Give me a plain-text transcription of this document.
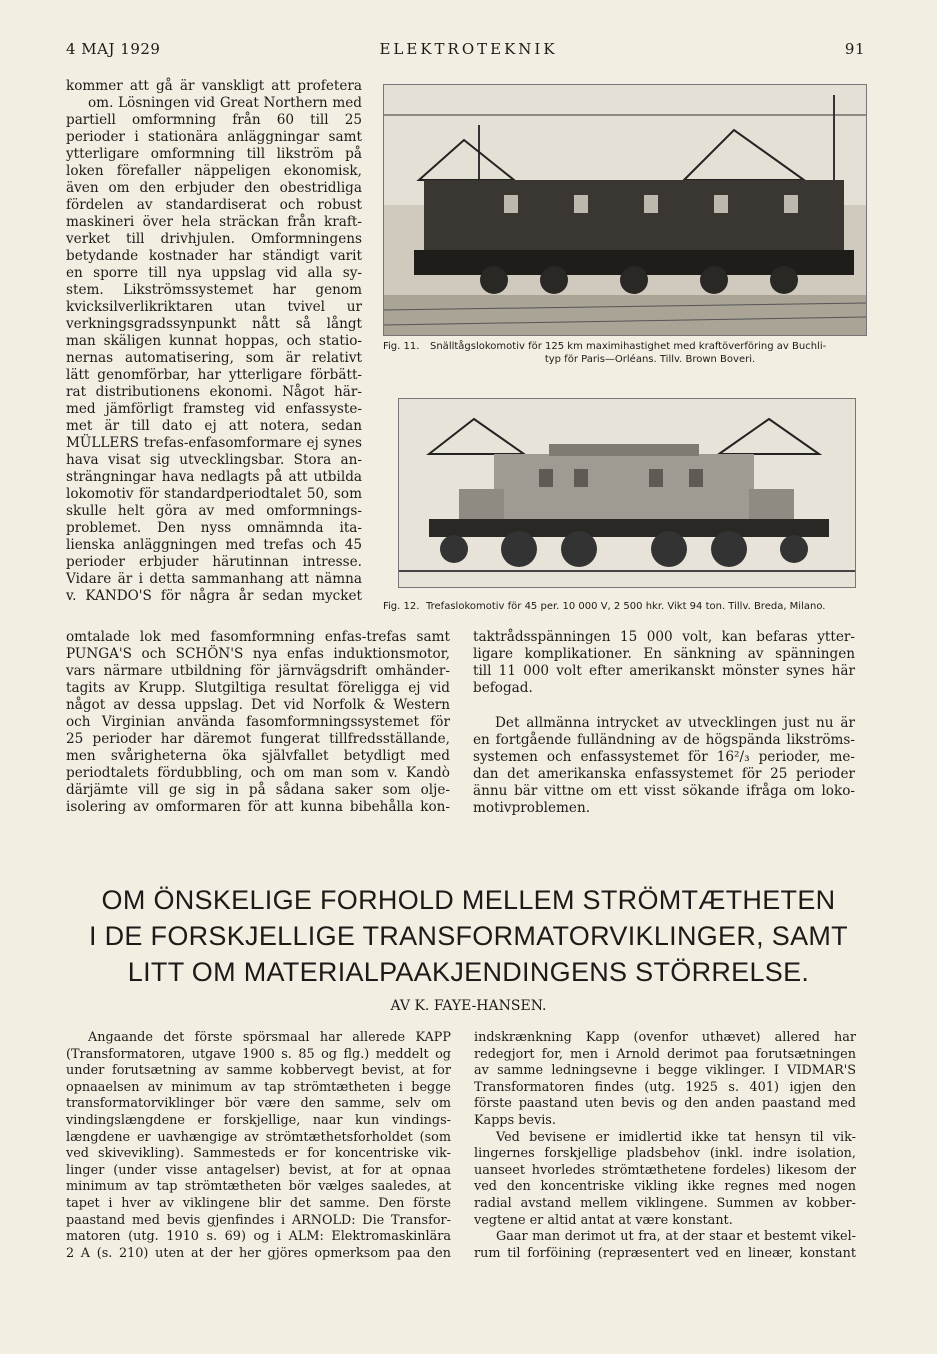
4 MAJ 1929	ELEKTROTEKNIK	91
kommer att gå är vanskligt att profetera
om. Lösningen vid Great Northern med
partiell omformning från 60 till 25
perioder i stationära anläggningar samt
ytterligare omformning till likström på
loken förefaller näppeligen ekonomisk,
även om den erbjuder den obestridliga
fördelen av standardiserat och robust
maskineri över hela sträckan från kraft-
verket till drivhjulen. Omformningens
betydande kostnader har ständigt varit
en sporre till nya uppslag vid alla sy-
stem. Likströmssystemet har genom
kvicksilverlikriktaren utan tvivel ur
verkningsgradssynpunkt nått så långt
man skäligen kunnat hoppas, och statio-
nernas automatisering, som är relativt
lätt genomförbar, har ytterligare förbätt-
rat distributionens ekonomi. Något här-
med jämförligt framsteg vid enfassyste-
met är till dato ej att notera, sedan
MÜLLERS trefas-enfasomformare ej synes
hava visat sig utvecklingsbar. Stora an-
strängningar hava nedlagts på att utbilda
lokomotiv för standardperiodtalet 50, som
skulle helt göra av med omformnings-
problemet. Den nyss omnämnda ita-
lienska anläggningen med trefas och 45
perioder erbjuder härutinnan intresse.
Vidare är i detta sammanhang att nämna
v. KANDO'S för några år sedan mycket
Fig. 11.	Snälltågslokomotiv för 125 km maximihastighet med kraftöverföring av Buchli-
typ för Paris—Orléans. Tillv. Brown Boveri.
Fig. 12. Trefaslokomotiv för 45 per. 10 000 V, 2 500 hkr. Vikt 94 ton. Tillv. Breda, Milano.
omtalade lok med fasomformning enfas-trefas samt
PUNGA'S och SCHÖN'S nya enfas induktionsmotor,
vars närmare utbildning för järnvägsdrift omhänder-
tagits av Krupp. Slutgiltiga resultat föreligga ej vid
något av dessa uppslag. Det vid Norfolk & Western
och Virginian använda fasomformningssystemet för
25 perioder har däremot fungerat tillfredsställande,
men svårigheterna öka självfallet betydligt med
periodtalets fördubbling, och om man som v. Kandò
därjämte vill ge sig in på sådana saker som olje-
isolering av omformaren för att kunna bibehålla kon-
taktrådsspänningen 15 000 volt, kan befaras ytter-
ligare komplikationer. En sänkning av spänningen
till 11 000 volt efter amerikanskt mönster synes här
befogad.
Det allmänna intrycket av utvecklingen just nu är
en fortgående fulländning av de högspända likströms-
systemen och enfassystemet för 16²/₃ perioder, me-
dan det amerikanska enfassystemet för 25 perioder
ännu bär vittne om ett visst sökande ifråga om loko-
motivproblemen.
OM ÖNSKELIGE FORHOLD MELLEM STRÖMTÆTHETEN
I DE FORSKJELLIGE TRANSFORMATORVIKLINGER, SAMT
LITT OM MATERIALPAAKJENDINGENS STÖRRELSE.
AV K. FAYE-HANSEN.
Angaande det förste spörsmaal har allerede KAPP
(Transformatoren, utgave 1900 s. 85 og flg.) meddelt og
under forutsætning av samme kobbervegt bevist, at for
opnaaelsen av minimum av tap strömtætheten i begge
transformatorviklinger bör være den samme, selv om
vindingslængdene er forskjellige, naar kun vindings-
længdene er uavhængige av strömtæthetsforholdet (som
ved skivevikling). Sammesteds er for koncentriske vik-
linger (under visse antagelser) bevist, at for at opnaa
minimum av tap strömtætheten bör vælges saaledes, at
tapet i hver av viklingene blir det samme. Den förste
paastand med bevis gjenfindes i ARNOLD: Die Transfor-
matoren (utg. 1910 s. 69) og i ALM: Elektromaskinlära
2 A (s. 210) uten at der her gjöres opmerksom paa den
indskrænkning Kapp (ovenfor uthævet) allered har
redegjort for, men i Arnold derimot paa forutsætningen
av samme ledningsevne i begge viklinger. I VIDMAR'S
Transformatoren findes (utg. 1925 s. 401) igjen den
förste paastand uten bevis og den anden paastand med
Kapps bevis.
Ved bevisene er imidlertid ikke tat hensyn til vik-
lingernes forskjellige pladsbehov (inkl. indre isolation,
uanseet hvorledes strömtæthetene fordeles) likesom der
ved den koncentriske vikling ikke regnes med nogen
radial avstand mellem viklingene. Summen av kobber-
vegtene er altid antat at være konstant.
Gaar man derimot ut fra, at der staar et bestemt vikel-
rum til forföining (repræsentert ved en lineær, konstant
